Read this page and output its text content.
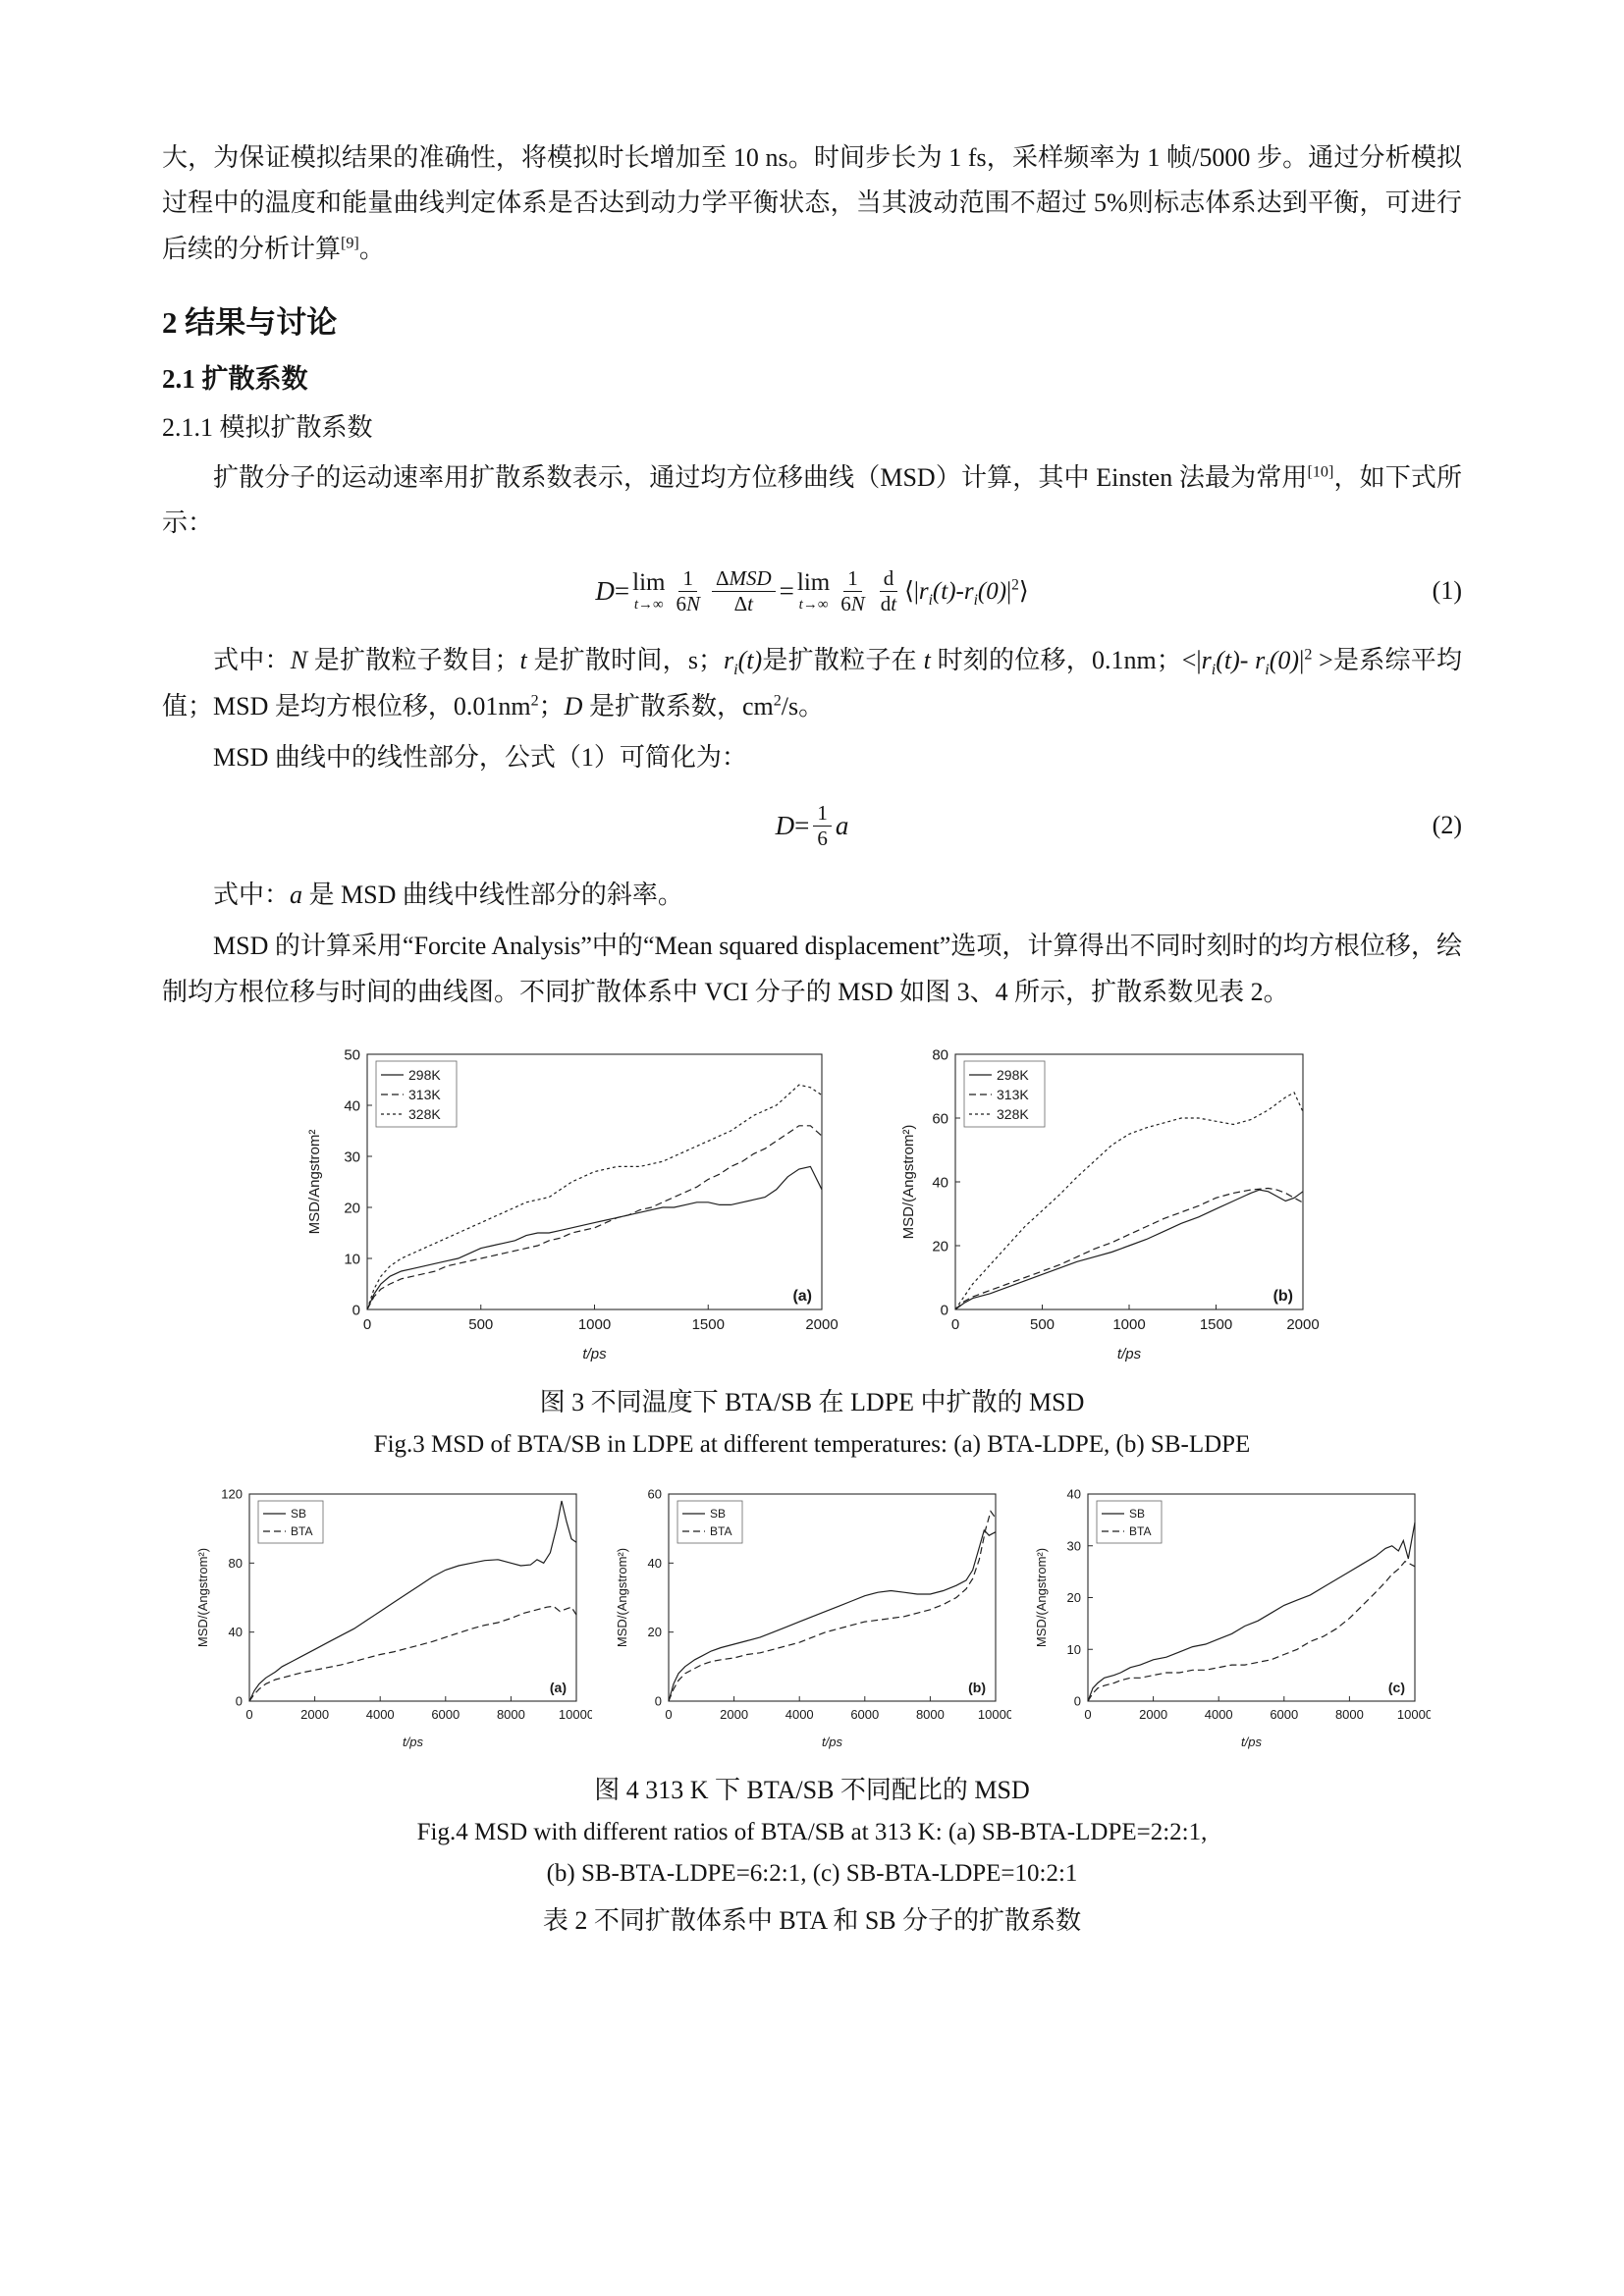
大，为保证模拟结果的准确性，将模拟时长增加至 10 ns。时间步长为 1 fs，采样频率为 1 帧/5000 步。通过分析模拟过程中的温度和能量曲线判定体系是否达到动力学平衡状态，当其波动范围不超过 5%则标志体系达到平衡，可进行后续的分析计算[9]。

2 结果与讨论
2.1 扩散系数
2.1.1 模拟扩散系数

扩散分子的运动速率用扩散系数表示，通过均方位移曲线（MSD）计算，其中 Einsten 法最为常用[10]，如下式所示：

D = lim
$t\to\infty \frac{1}{6N} \frac{\text{ΔMSD}}{\Delta t} = \lim$
$t\to\infty \frac{1}{6N} \frac{d}{dt}$ $⟨|r_i(t)-r_i(0)|^2⟩$	(1)

式中：N 是扩散粒子数目；t 是扩散时间，s；$r_i(t)$是扩散粒子在 t 时刻的位移，0.1nm；$<|r_i(t)-$ $r_i(0)|^2$ >是系综平均值；MSD 是均方根位移，$0.01nm^2$；D 是扩散系数，$cm^2/s$。

MSD 曲线中的线性部分，公式（1）可简化为：

$D = \frac{1}{6}$ a	(2)

式中：a 是 MSD 曲线中线性部分的斜率。

MSD 的计算采用“Forcite Analysis”中的“Mean squared displacement”选项，计算得出不同时刻时的均方根位移，绘制均方根位移与时间的曲线图。不同扩散体系中 VCI 分子的 MSD 如图 3、4 所示，扩散系数见表 2。

0	500	1000	1500	2000
0
10
20
30
40
50
t/ps
MSD/Angstrom²
298K
313K
328K
(a)
0	500	1000	1500	2000
0
20
40
60
80
t/ps
MSD/(Angstrom²)
298K
313K
328K
(b)
图 3 不同温度下 BTA/SB 在 LDPE 中扩散的 MSD
Fig.3 MSD of BTA/SB in LDPE at different temperatures: (a) BTA-LDPE, (b) SB-LDPE
0	2000	4000	6000	8000	10000
0
40
80
120
t/ps
MSD/(Angstrom²)
SB
BTA
(a)
0	2000	4000	6000	8000	10000
0
20
40
60
t/ps
MSD/(Angstrom²)
SB
BTA
(b)
0	2000	4000	6000	8000	10000
0
10
20
30
40
t/ps
MSD/(Angstrom²)
SB
BTA
(c)
图 4 313 K 下 BTA/SB 不同配比的 MSD
Fig.4 MSD with different ratios of BTA/SB at 313 K: (a) SB-BTA-LDPE=2:2:1,
(b) SB-BTA-LDPE=6:2:1, (c) SB-BTA-LDPE=10:2:1
表 2 不同扩散体系中 BTA 和 SB 分子的扩散系数
